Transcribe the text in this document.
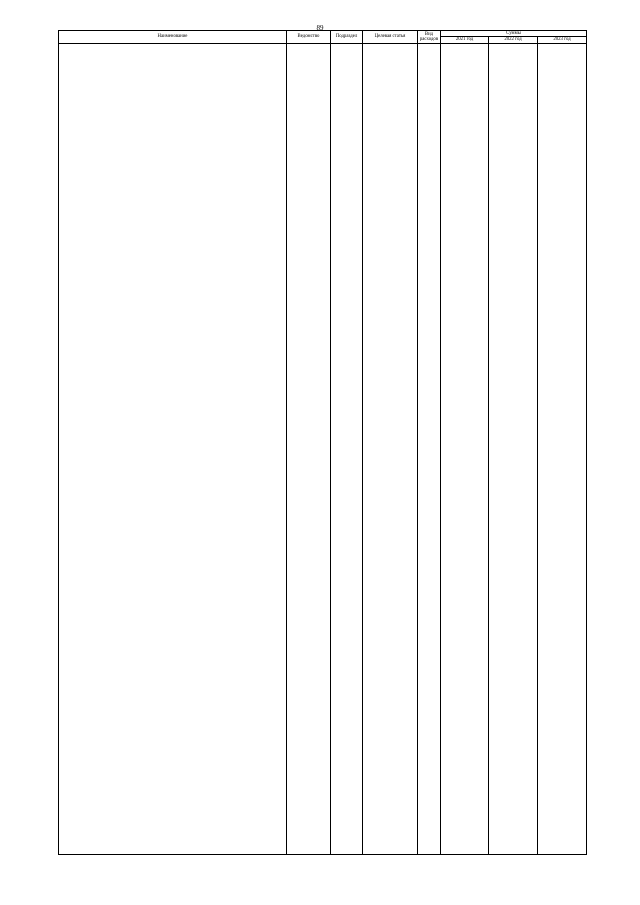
89
Наименование	Ведомство	Подраздел	Целевая статья	Вид расходов	Суммы		
					2021 год	2022 год	2023 год
